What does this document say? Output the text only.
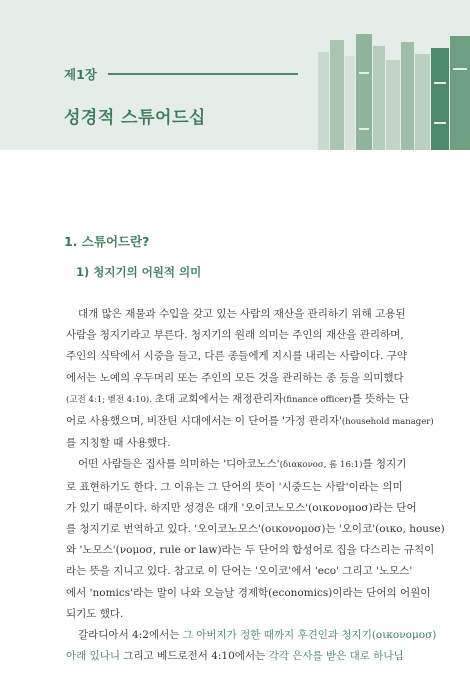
제1장
성경적 스튜어드십
1. 스튜어드란?
1) 청지기의 어원적 의미
대개 많은 재물과 수입을 갖고 있는 사람의 재산을 관리하기 위해 고용된
사람을 청지기라고 부른다. 청지기의 원래 의미는 주인의 재산을 관리하며,
주인의 식탁에서 시중을 들고, 다른 종들에게 지시를 내리는 사람이다. 구약
에서는 노예의 우두머리 또는 주인의 모든 것을 관리하는 종 등을 의미했다
(고전 4:1; 벧전 4:10). 초대 교회에서는 재정관리자(finance officer)를 뜻하는 단
어로 사용했으며, 비잔틴 시대에서는 이 단어를 '가정 관리자'(household manager)
를 지칭할 때 사용했다.
어떤 사람들은 집사를 의미하는 '디아코노스'(διακονοσ, 롬 16:1)를 청지기
로 표현하기도 한다. 그 이유는 그 단어의 뜻이 '시중드는 사람'이라는 의미
가 있기 때문이다. 하지만 성경은 대개 '오이코노모스'(οικονομοσ)라는 단어
를 청지기로 번역하고 있다. '오이코노모스'(οικονομοσ)는 '오이코'(οικο, house)
와 '노모스'(νομοσ, rule or law)라는 두 단어의 합성어로 집을 다스리는 규칙이
라는 뜻을 지니고 있다. 참고로 이 단어는 '오이코'에서 'eco' 그리고 '노모스'
에서 'nomics'라는 말이 나와 오늘날 경제학(economics)이라는 단어의 어원이
되기도 했다.
갈라디아서 4:2에서는 그 아버지가 정한 때까지 후견인과 청지기(οικονομοσ)
아래 있나니 그리고 베드로전서 4:10에서는 각각 은사를 받은 대로 하나님
